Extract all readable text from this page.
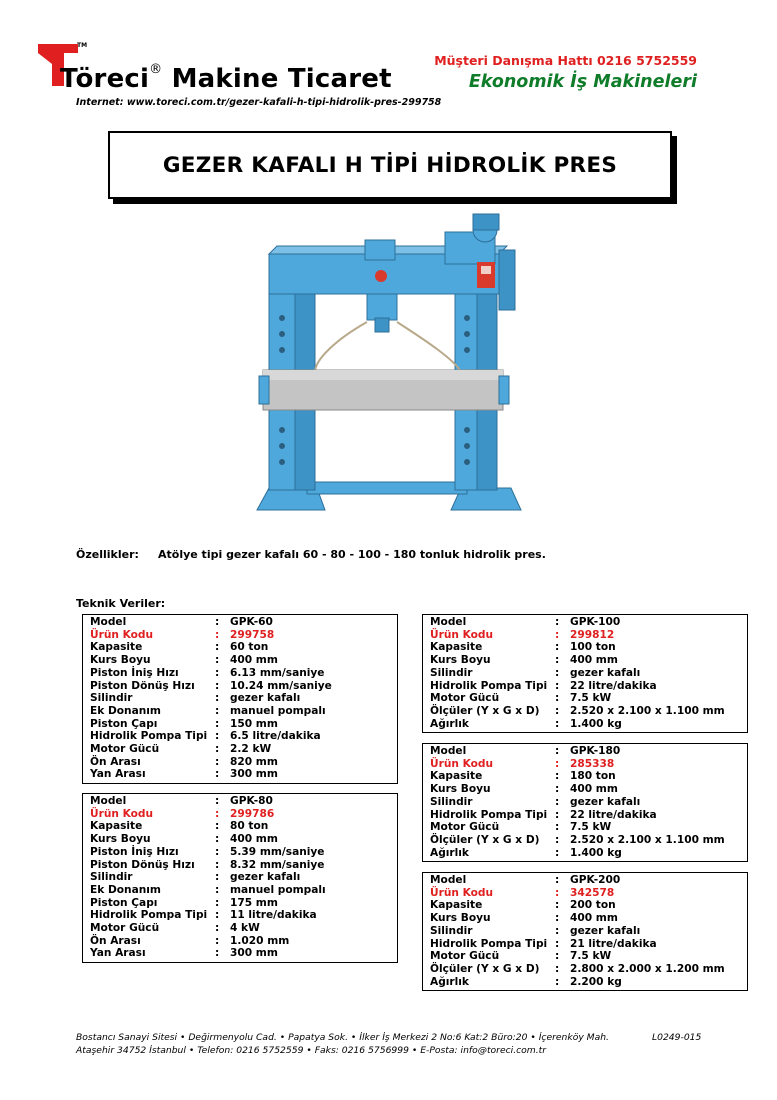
TM
Töreci® Makine Ticaret
Internet: www.toreci.com.tr/gezer-kafali-h-tipi-hidrolik-pres-299758
Müşteri Danışma Hattı 0216 5752559
Ekonomik İş Makineleri
GEZER KAFALI H TİPİ HİDROLİK PRES
Özellikler: Atölye tipi gezer kafalı 60 - 80 - 100 - 180 tonluk hidrolik pres.
Teknik Veriler:
Model	:	GPK-60
Ürün Kodu	:	299758
Kapasite	:	60 ton
Kurs Boyu	:	400 mm
Piston İniş Hızı	:	6.13 mm/saniye
Piston Dönüş Hızı	:	10.24 mm/saniye
Silindir	:	gezer kafalı
Ek Donanım	:	manuel pompalı
Piston Çapı	:	150 mm
Hidrolik Pompa Tipi :	6.5 litre/dakika
Motor Gücü	:	2.2 kW
Ön Arası	:	820 mm
Yan Arası	:	300 mm
Model	:	GPK-80
Ürün Kodu	:	299786
Kapasite	:	80 ton
Kurs Boyu	:	400 mm
Piston İniş Hızı	:	5.39 mm/saniye
Piston Dönüş Hızı	:	8.32 mm/saniye
Silindir	:	gezer kafalı
Ek Donanım	:	manuel pompalı
Piston Çapı	:	175 mm
Hidrolik Pompa Tipi :	11 litre/dakika
Motor Gücü	:	4 kW
Ön Arası	:	1.020 mm
Yan Arası	:	300 mm
Model	:	GPK-100
Ürün Kodu	:	299812
Kapasite	:	100 ton
Kurs Boyu	:	400 mm
Silindir	:	gezer kafalı
Hidrolik Pompa Tipi :	22 litre/dakika
Motor Gücü	:	7.5 kW
Ölçüler (Y x G x D)	:	2.520 x 2.100 x 1.100 mm
Ağırlık	:	1.400 kg
Model	:	GPK-180
Ürün Kodu	:	285338
Kapasite	:	180 ton
Kurs Boyu	:	400 mm
Silindir	:	gezer kafalı
Hidrolik Pompa Tipi :	22 litre/dakika
Motor Gücü	:	7.5 kW
Ölçüler (Y x G x D)	:	2.520 x 2.100 x 1.100 mm
Ağırlık	:	1.400 kg
Model	:	GPK-200
Ürün Kodu	:	342578
Kapasite	:	200 ton
Kurs Boyu	:	400 mm
Silindir	:	gezer kafalı
Hidrolik Pompa Tipi :	21 litre/dakika
Motor Gücü	:	7.5 kW
Ölçüler (Y x G x D)	:	2.800 x 2.000 x 1.200 mm
Ağırlık	:	2.200 kg
Bostancı Sanayi Sitesi • Değirmenyolu Cad. • Papatya Sok. • İlker İş Merkezi 2 No:6 Kat:2 Büro:20 • İçerenköy Mah.
Ataşehir 34752 İstanbul • Telefon: 0216 5752559 • Faks: 0216 5756999 • E-Posta: info@toreci.com.tr
L0249-015
